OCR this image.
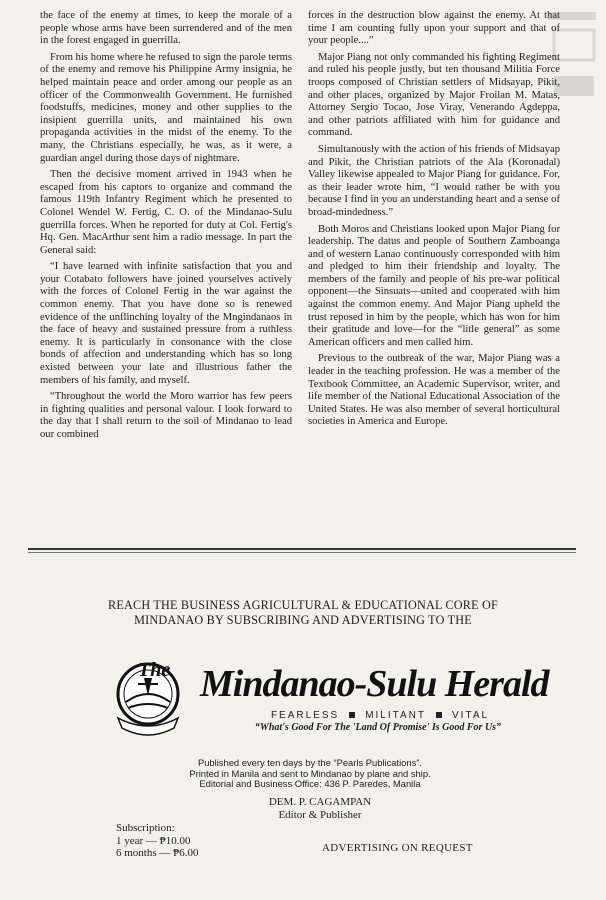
the face of the enemy at times, to keep the morale of a people whose arms have been surrendered and of the men in the forest engaged in guerrilla.

From his home where he refused to sign the parole terms of the enemy and remove his Philippine Army insignia, he helped maintain peace and order among our people as an officer of the Commonwealth Government. He furnished foodstuffs, medicines, money and other supplies to the insipient guerrilla units, and maintained his own propaganda activities in the midst of the enemy. To the many, the Christians especially, he was, as it were, a guardian angel during those days of nightmare.

Then the decisive moment arrived in 1943 when he escaped from his captors to organize and command the famous 119th Infantry Regiment which he presented to Colonel Wendel W. Fertig, C. O. of the Mindanao-Sulu guerrilla forces. When he reported for duty at Col. Fertig's Hq. Gen. MacArthur sent him a radio message. In part the General said:

“I have learned with infinite satisfaction that you and your Cotabato followers have joined yourselves actively with the forces of Colonel Fertig in the war against the common enemy. That you have done so is renewed evidence of the unflinching loyalty of the Mngindanaos in the face of heavy and sustained pressure from a ruthless enemy. It is particularly in consonance with the close bonds of affection and understanding which has so long existed between your late and illustrious father the members of his family, and myself.

“Throughout the world the Moro warrior has few peers in fighting qualities and personal valour. I look forward to the day that I shall return to the soil of Mindanao to lead our combined

forces in the destruction blow against the enemy. At that time I am counting fully upon your support and that of your people....”

Major Piang not only commanded his fighting Regiment and ruled his people justly, but ten thousand Militia Force troops composed of Christian settlers of Midsayap, Pikit, and other places, organized by Major Froilan M. Matas, Attorney Sergio Tocao, Jose Viray, Venerando Agdeppa, and other patriots affiliated with him for guidance and command.

Simultanously with the action of his friends of Midsayap and Pikit, the Christian patriots of the Ala (Koronadal) Valley likewise appealed to Major Piang for guidance. For, as their leader wrote him, “I would rather be with you because I find in you an understanding heart and a sense of broad-mindedness.”

Both Moros and Christians looked upon Major Piang for leadership. The datus and people of Southern Zamboanga and of western Lanao continuously corresponded with him and pledged to him their friendship and loyalty. The members of the family and people of his pre-war political opponent—the Sinsuats—united and cooperated with him against the common enemy. And Major Piang upheld the trust reposed in him by the people, which has won for him their gratitude and love—for the “litle general” as some American officers and men called him.

Previous to the outbreak of the war, Major Piang was a leader in the teaching profession. He was a member of the Textbook Committee, an Academic Supervisor, writer, and life member of the National Educational Association of the United States. He was also member of several horticultural societies in America and Europe.

REACH THE BUSINESS AGRICULTURAL & EDUCATIONAL CORE OF
MINDANAO BY SUBSCRIBING AND ADVERTISING TO THE
The Mindanao-Sulu Herald
FEARLESS	MILITANT	VITAL
“What's Good For The 'Land Of Promise' Is Good For Us”
Published every ten days by the “Pearls Publications”.
Printed in Manila and sent to Mindanao by plane and ship.
Editorial and Business Office: 436 P. Paredes, Manila
DEM. P. CAGAMPAN
Editor & Publisher
Subscription:
1 year — ₱10.00
6 months — ₱6.00	ADVERTISING ON REQUEST
